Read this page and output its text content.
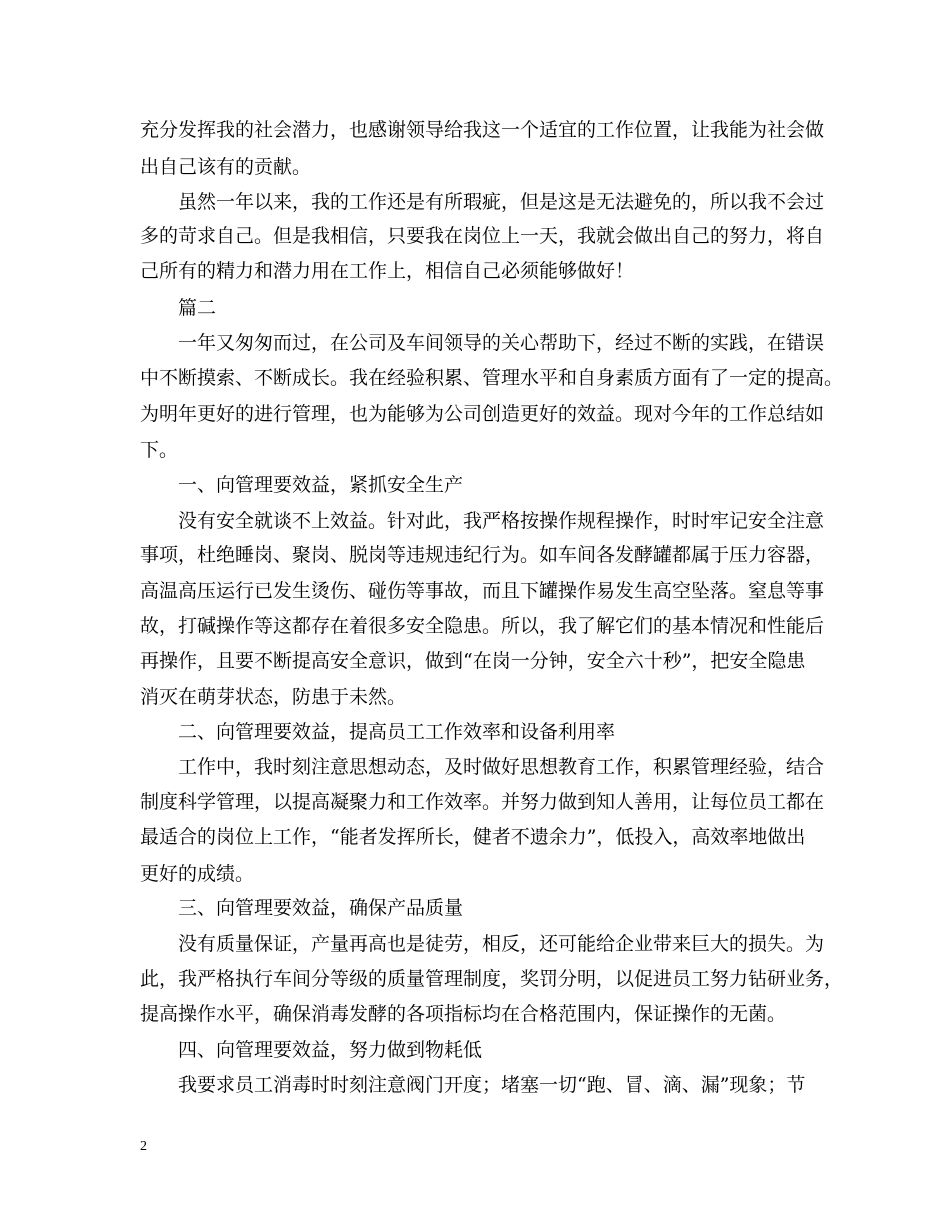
充分发挥我的社会潜力，也感谢领导给我这一个适宜的工作位置，让我能为社会做
出自己该有的贡献。
虽然一年以来，我的工作还是有所瑕疵，但是这是无法避免的，所以我不会过
多的苛求自己。但是我相信，只要我在岗位上一天，我就会做出自己的努力，将自
己所有的精力和潜力用在工作上，相信自己必须能够做好！
篇二
一年又匆匆而过，在公司及车间领导的关心帮助下，经过不断的实践，在错误
中不断摸索、不断成长。我在经验积累、管理水平和自身素质方面有了一定的提高。
为明年更好的进行管理，也为能够为公司创造更好的效益。现对今年的工作总结如
下。
一、向管理要效益，紧抓安全生产
没有安全就谈不上效益。针对此，我严格按操作规程操作，时时牢记安全注意
事项，杜绝睡岗、聚岗、脱岗等违规违纪行为。如车间各发酵罐都属于压力容器，
高温高压运行已发生烫伤、碰伤等事故，而且下罐操作易发生高空坠落。窒息等事
故，打碱操作等这都存在着很多安全隐患。所以，我了解它们的基本情况和性能后
再操作，且要不断提高安全意识，做到“在岗一分钟，安全六十秒”，把安全隐患
消灭在萌芽状态，防患于未然。
二、向管理要效益，提高员工工作效率和设备利用率
工作中，我时刻注意思想动态，及时做好思想教育工作，积累管理经验，结合
制度科学管理，以提高凝聚力和工作效率。并努力做到知人善用，让每位员工都在
最适合的岗位上工作，“能者发挥所长，健者不遗余力”，低投入，高效率地做出
更好的成绩。
三、向管理要效益，确保产品质量
没有质量保证，产量再高也是徒劳，相反，还可能给企业带来巨大的损失。为
此，我严格执行车间分等级的质量管理制度，奖罚分明，以促进员工努力钻研业务，
提高操作水平，确保消毒发酵的各项指标均在合格范围内，保证操作的无菌。
四、向管理要效益，努力做到物耗低
我要求员工消毒时时刻注意阀门开度；堵塞一切“跑、冒、滴、漏”现象；节
2
